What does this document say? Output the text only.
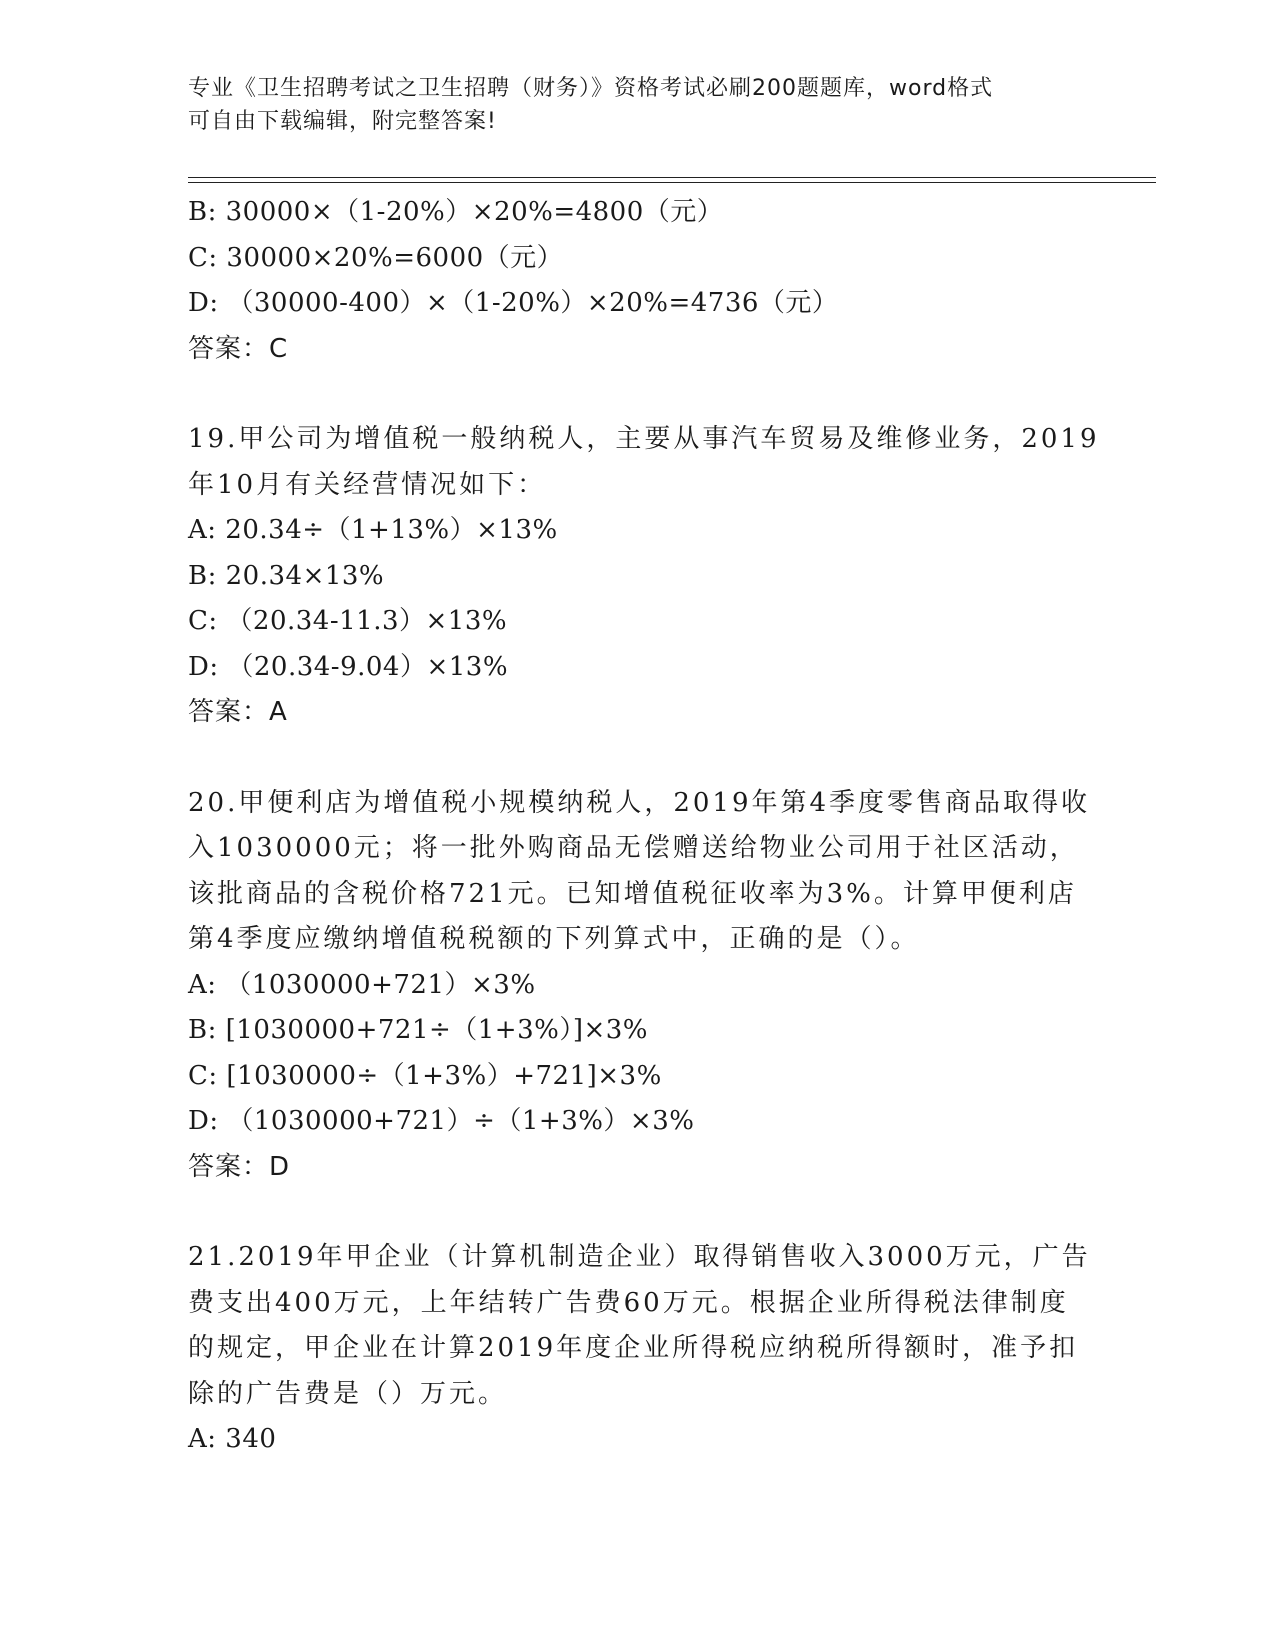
专业《卫生招聘考试之卫生招聘（财务）》资格考试必刷200题题库，word格式
可自由下载编辑，附完整答案!
B: 30000×（1-20%）×20%=4800（元）
C: 30000×20%=6000（元）
D: （30000-400）×（1-20%）×20%=4736（元）
答案：C
19.甲公司为增值税一般纳税人，主要从事汽车贸易及维修业务，2019
年10月有关经营情况如下：
A: 20.34÷（1+13%）×13%
B: 20.34×13%
C: （20.34-11.3）×13%
D: （20.34-9.04）×13%
答案：A
20.甲便利店为增值税小规模纳税人，2019年第4季度零售商品取得收
入1030000元；将一批外购商品无偿赠送给物业公司用于社区活动，
该批商品的含税价格721元。已知增值税征收率为3%。计算甲便利店
第4季度应缴纳增值税税额的下列算式中，正确的是（）。
A: （1030000+721）×3%
B: [1030000+721÷（1+3%）]×3%
C: [1030000÷（1+3%）+721]×3%
D: （1030000+721）÷（1+3%）×3%
答案：D
21.2019年甲企业（计算机制造企业）取得销售收入3000万元，广告
费支出400万元，上年结转广告费60万元。根据企业所得税法律制度
的规定，甲企业在计算2019年度企业所得税应纳税所得额时，准予扣
除的广告费是（）万元。
A: 340
